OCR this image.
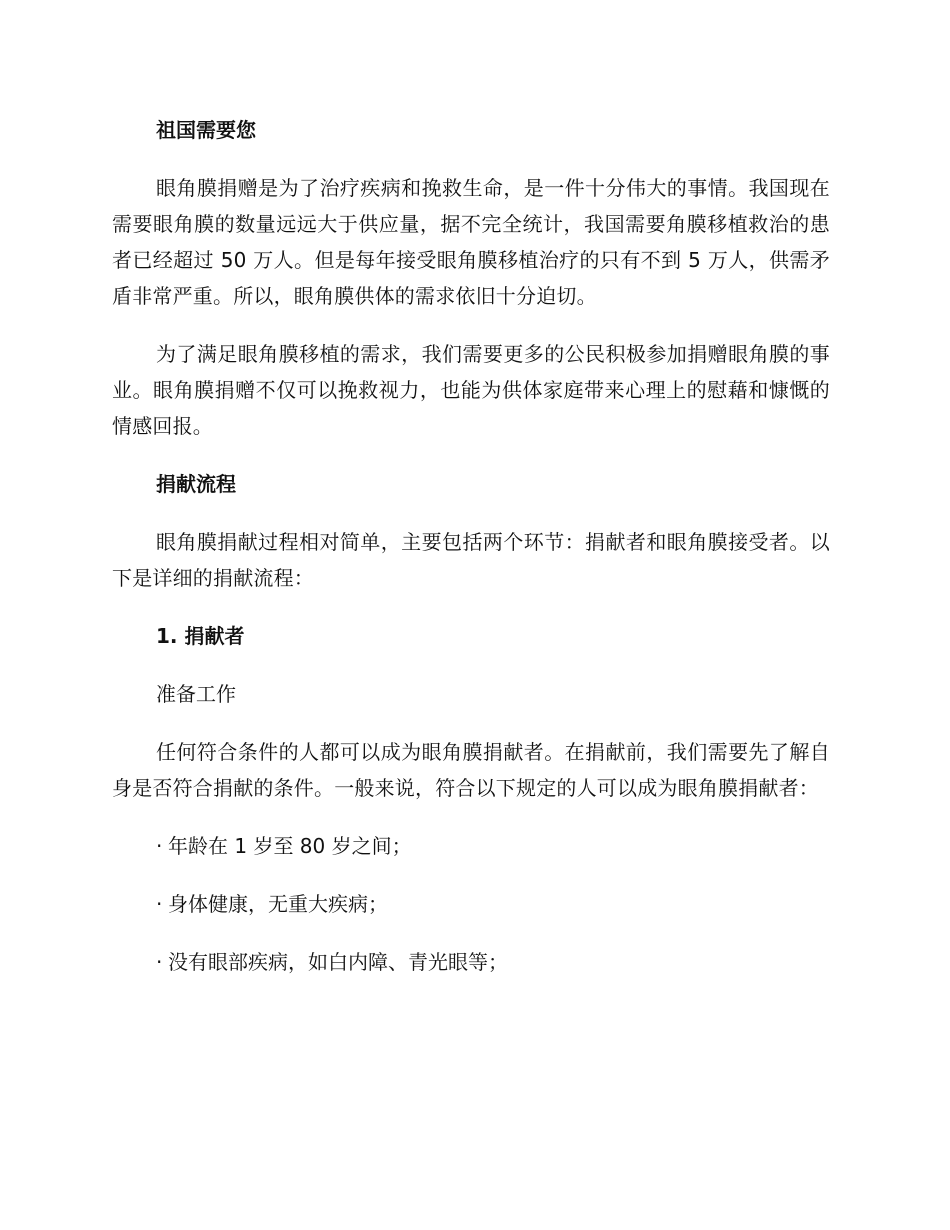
祖国需要您

眼角膜捐赠是为了治疗疾病和挽救生命，是一件十分伟大的事情。我国现在需要眼角膜的数量远远大于供应量，据不完全统计，我国需要角膜移植救治的患者已经超过 50 万人。但是每年接受眼角膜移植治疗的只有不到 5 万人，供需矛盾非常严重。所以，眼角膜供体的需求依旧十分迫切。

为了满足眼角膜移植的需求，我们需要更多的公民积极参加捐赠眼角膜的事业。眼角膜捐赠不仅可以挽救视力，也能为供体家庭带来心理上的慰藉和慷慨的情感回报。

捐献流程

眼角膜捐献过程相对简单，主要包括两个环节：捐献者和眼角膜接受者。以下是详细的捐献流程：

1. 捐献者

准备工作

任何符合条件的人都可以成为眼角膜捐献者。在捐献前，我们需要先了解自身是否符合捐献的条件。一般来说，符合以下规定的人可以成为眼角膜捐献者：

· 年龄在 1 岁至 80 岁之间；

· 身体健康，无重大疾病；

· 没有眼部疾病，如白内障、青光眼等；
